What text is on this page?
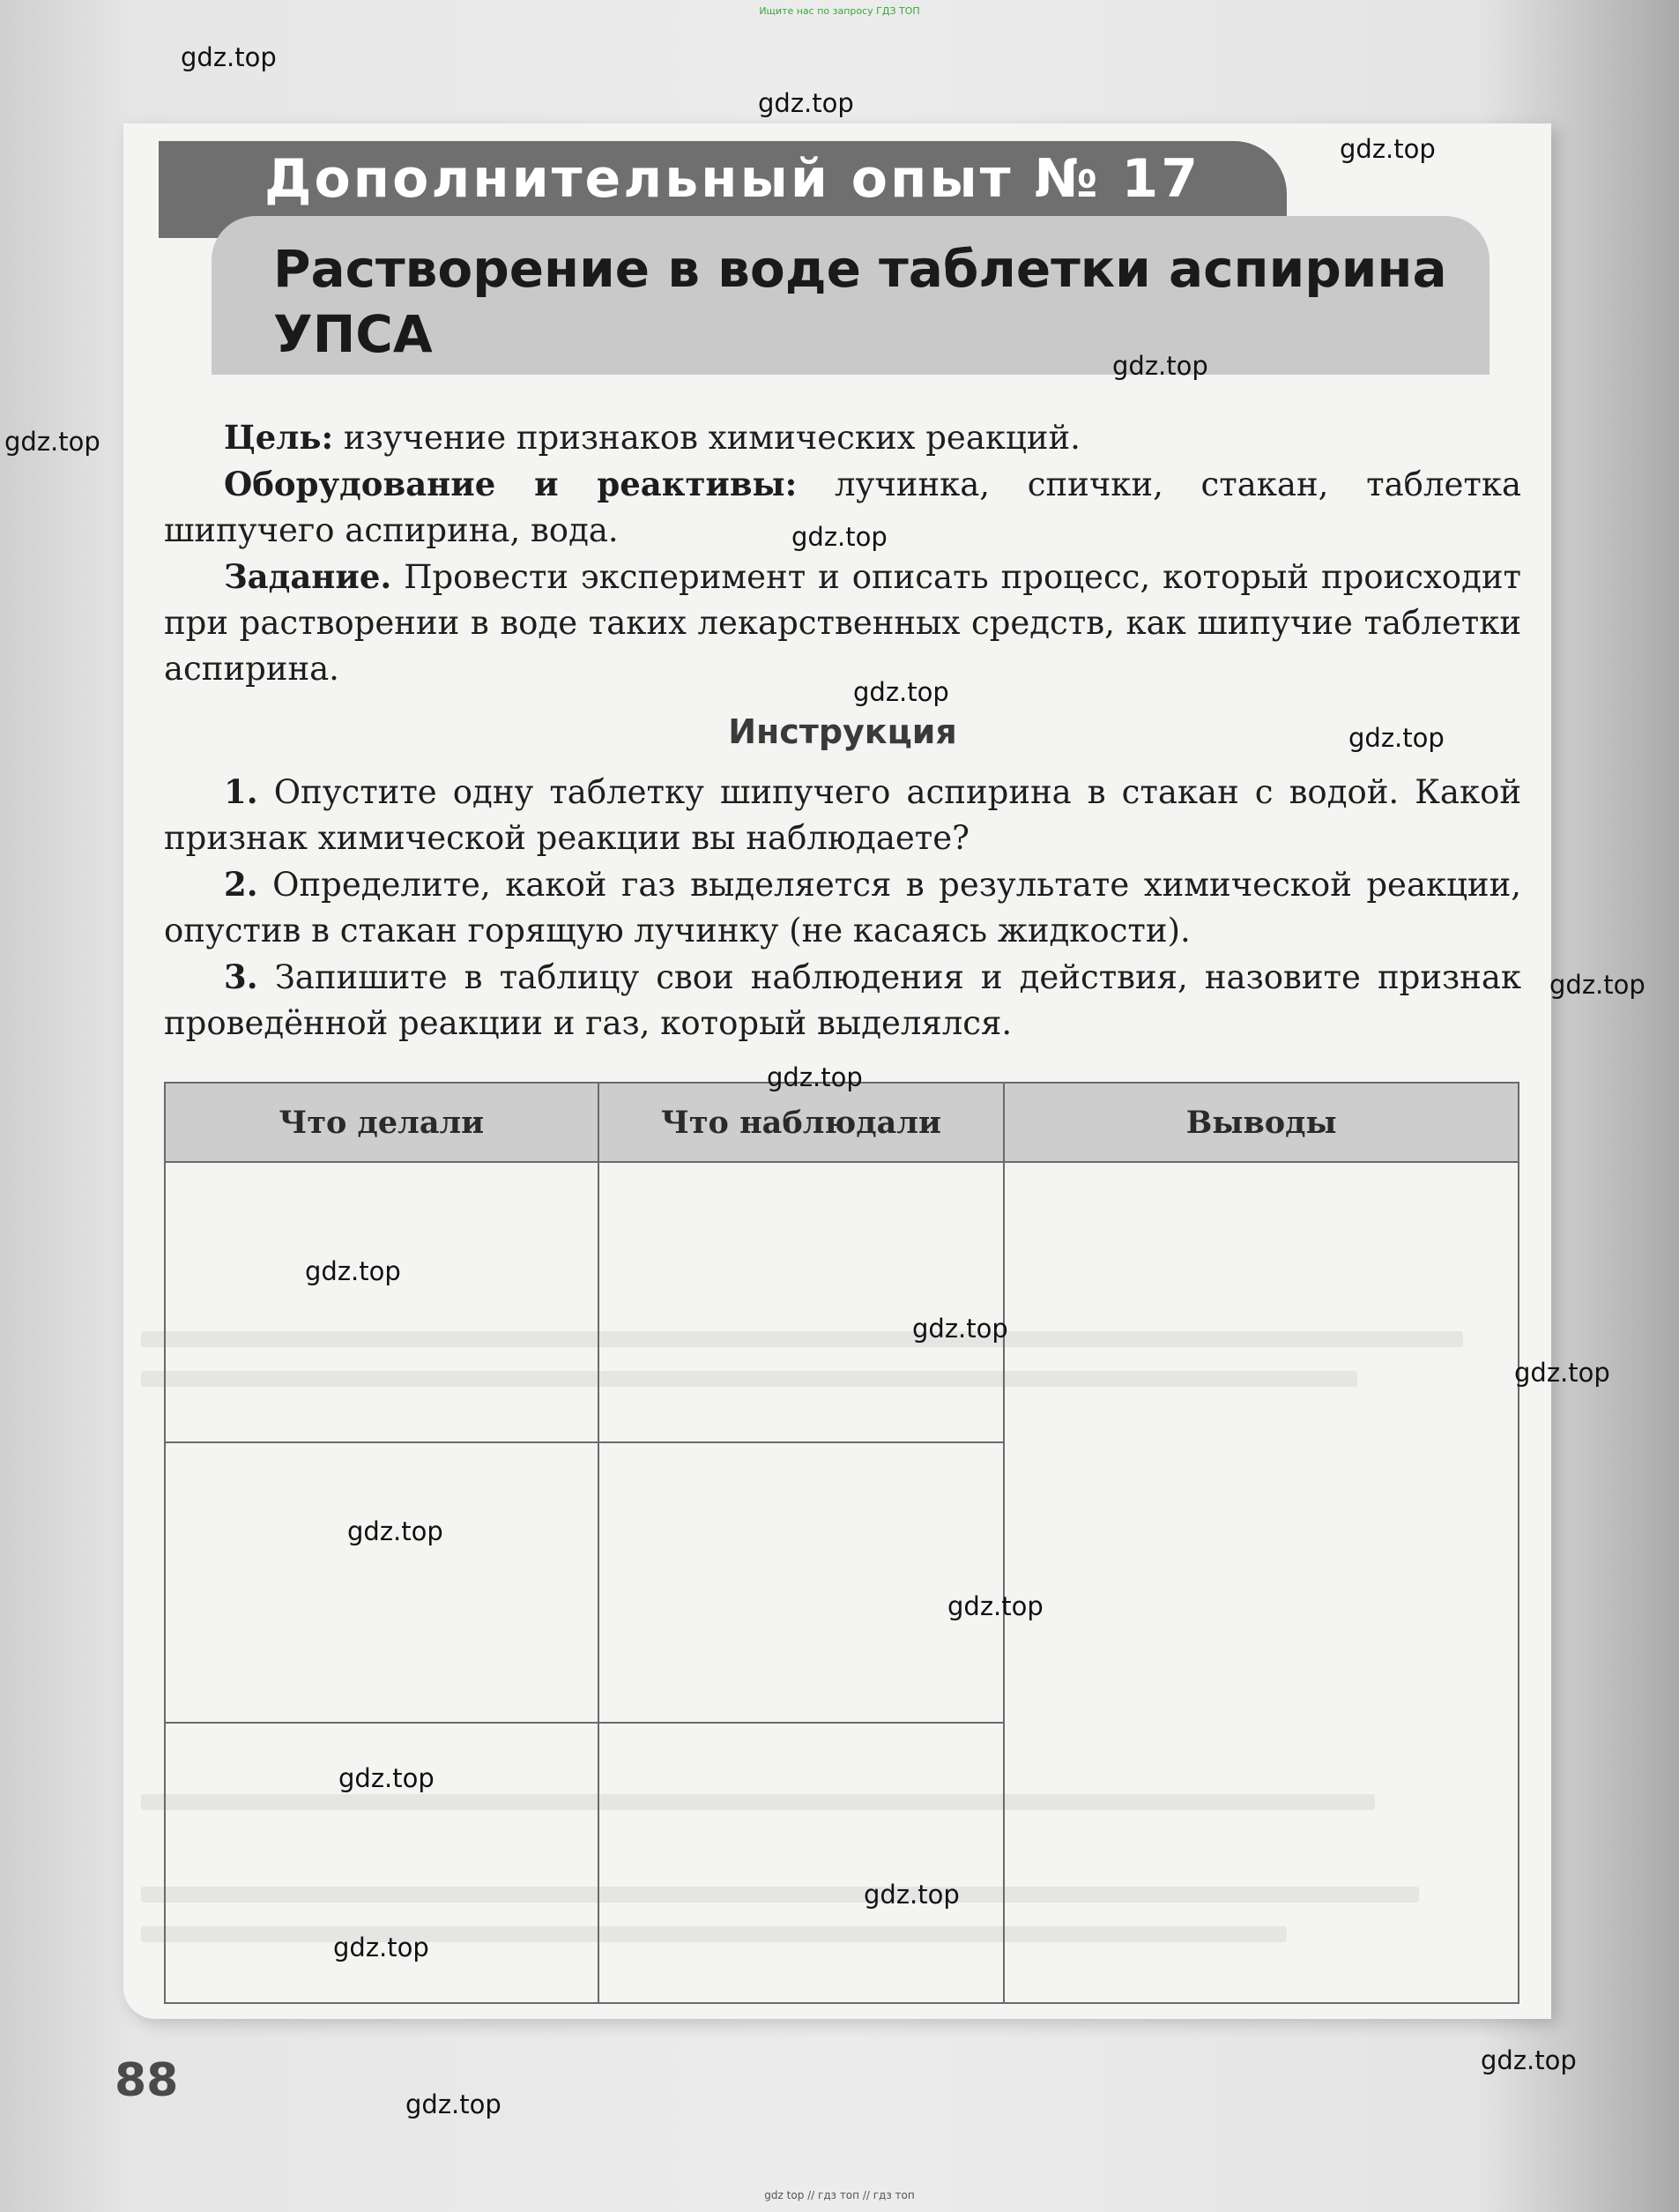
Ищите нас по запросу ГДЗ ТОП
Дополнительный опыт № 17
Растворение в воде таблетки аспирина УПСА

Цель: изучение признаков химических реакций.

Оборудование и реактивы: лучинка, спички, стакан, таблетка шипучего аспирина, вода.

Задание. Провести эксперимент и описать процесс, который происходит при растворении в воде таких лекарственных средств, как шипучие таблетки аспирина.

Инструкция

1. Опустите одну таблетку шипучего аспирина в стакан с водой. Какой признак химической реакции вы наблюдаете?

2. Определите, какой газ выделяется в результате химической реакции, опустив в стакан горящую лучинку (не касаясь жидкости).

3. Запишите в таблицу свои наблюдения и действия, назовите признак проведённой реакции и газ, который выделялся.

Что делали	Что наблюдали	Выводы

88
gdz.top
gdz.top
gdz.top
gdz.top
gdz.top
gdz.top
gdz.top
gdz.top
gdz.top
gdz.top
gdz.top
gdz.top
gdz.top
gdz.top
gdz.top
gdz.top
gdz.top
gdz.top
gdz.top
gdz.top
gdz top // гдз топ // гдз топ
